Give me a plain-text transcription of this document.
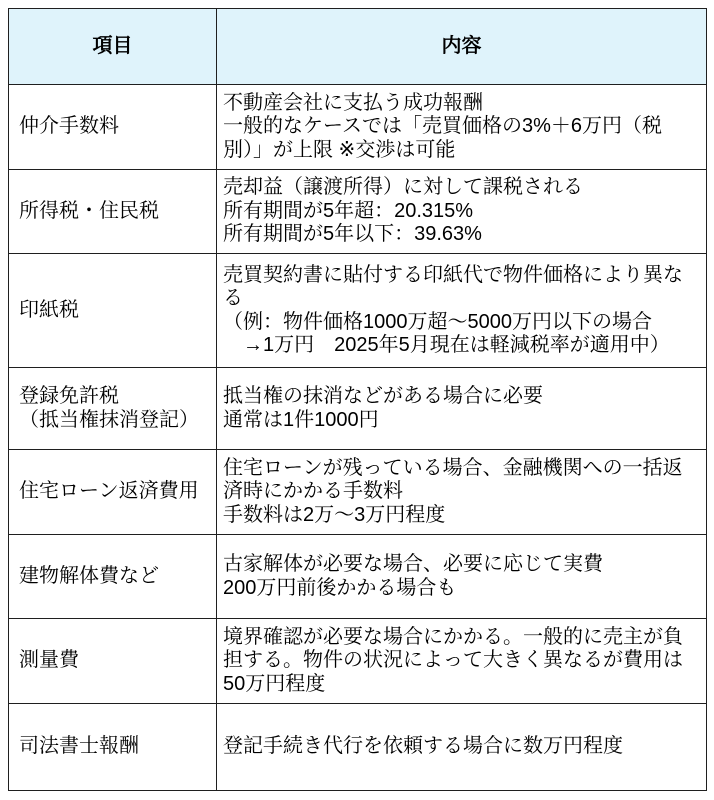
項目	内容

仲介手数料	不動産会社に支払う成功報酬
一般的なケースでは「売買価格の3%＋6万円（税
別）」が上限 ※交渉は可能

所得税・住民税	売却益（譲渡所得）に対して課税される
所有期間が5年超：20.315%
所有期間が5年以下：39.63%

印紙税	売買契約書に貼付する印紙代で物件価格により異な
る
（例：物件価格1000万超～5000万円以下の場合
　→1万円　2025年5月現在は軽減税率が適用中）

登録免許税
（抵当権抹消登記）	抵当権の抹消などがある場合に必要
通常は1件1000円

住宅ローン返済費用	住宅ローンが残っている場合、金融機関への一括返
済時にかかる手数料
手数料は2万～3万円程度

建物解体費など	古家解体が必要な場合、必要に応じて実費
200万円前後かかる場合も

測量費	境界確認が必要な場合にかかる。一般的に売主が負
担する。物件の状況によって大きく異なるが費用は
50万円程度

司法書士報酬	登記手続き代行を依頼する場合に数万円程度
